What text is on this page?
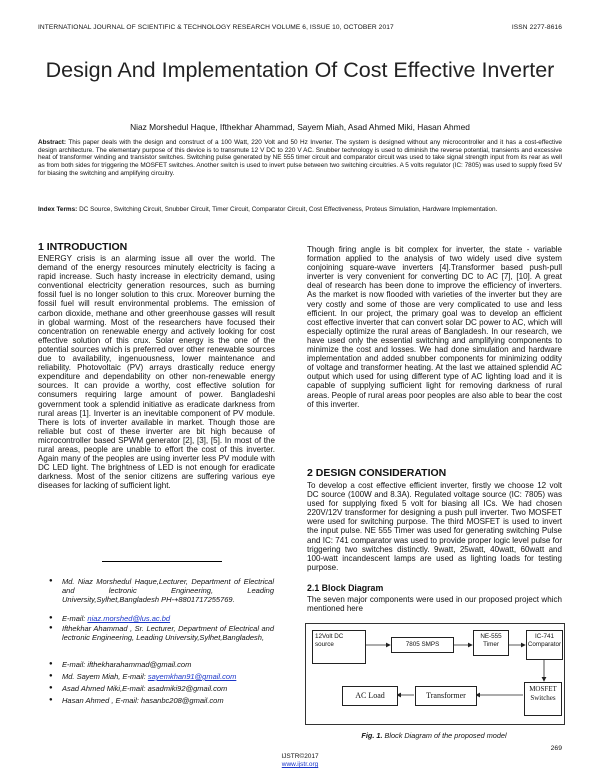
INTERNATIONAL JOURNAL OF SCIENTIFIC & TECHNOLOGY RESEARCH VOLUME 6, ISSUE 10, OCTOBER 2017	ISSN 2277-8616
Design And Implementation Of Cost Effective Inverter
Niaz Morshedul Haque, Ifthekhar Ahammad, Sayem Miah, Asad Ahmed Miki, Hasan Ahmed
Abstract: This paper deals with the design and construct of a 100 Watt, 220 Volt and 50 Hz Inverter. The system is designed without any microcontroller and it has a cost-effective design architecture. The elementary purpose of this device is to transmute 12 V DC to 220 V AC. Snubber technology is used to diminish the reverse potential, transients and excessive heat of transformer winding and transistor switches. Switching pulse generated by NE 555 timer circuit and comparator circuit was used to take signal strength input from its rear as well as from both sides for triggering the MOSFET switches. Another switch is used to invert pulse between two switching circuitries. A 5 volts regulator (IC: 7805) was used to supply fixed 5V for biasing the switching and amplifying circuitry.
Index Terms: DC Source, Switching Circuit, Snubber Circuit, Timer Circuit, Comparator Circuit, Cost Effectiveness, Proteus Simulation, Hardware Implementation.
1 INTRODUCTION
ENERGY crisis is an alarming issue all over the world. The demand of the energy resources minutely electricity is facing a rapid increase. Such hasty increase in electricity demand, using conventional electricity generation resources, such as burning fossil fuel is no longer solution to this crux. Moreover burning the fossil fuel will result environmental problems. The emission of carbon dioxide, methane and other greenhouse gasses will result in global warming. Most of the researchers have focused their concentration on renewable energy and actively looking for cost effective solution of this crux. Solar energy is the one of the potential sources which is preferred over other renewable sources due to availability, ingenuousness, lower maintenance and reliability. Photovoltaic (PV) arrays drastically reduce energy expenditure and dependability on other non-renewable energy sources. It can provide a worthy, cost effective solution for consumers requiring large amount of power. Bangladeshi government took a splendid initiative as eradicate darkness from rural areas [1]. Inverter is an inevitable component of PV module. There is lots of inverter available in market. Though those are reliable but cost of these inverter are bit high because of microcontroller based SPWM generator [2], [3], [5]. In most of the rural areas, people are unable to effort the cost of this inverter. Again many of the peoples are using inverter less PV module with DC LED light. The brightness of LED is not enough for eradicate darkness. Most of the senior citizens are suffering various eye diseases for lacking of sufficient light.
● Md. Niaz Morshedul Haque,Lecturer, Department of Electrical and lectronic Engineering, Leading University,Sylhet,Bangladesh PH-+8801717255769.
● E-mail: niaz.morshed@lus.ac.bd
● Ifthekhar Ahammad , Sr. Lecturer, Department of Electrical and lectronic Engineering, Leading University,Sylhet,Bangladesh,
● E-mail: ifthekharahammad@gmail.com
● Md. Sayem Miah, E-mail: sayemkhan91@gmail.com
● Asad Ahmed Miki,E-mail: asadmiki92@gmail.com
● Hasan Ahmed , E-mail: hasanbc208@gmail.com
Though firing angle is bit complex for inverter, the state - variable formation applied to the analysis of two widely used dive system conjoining square-wave inverters [4].Transformer based push-pull inverter is very convenient for converting DC to AC [7], [10]. A great deal of research has been done to improve the efficiency of inverters. As the market is now flooded with varieties of the inverter but they are very costly and some of those are very complicated to use and less efficient. In our project, the primary goal was to develop an efficient cost effective inverter that can convert solar DC power to AC, which will especially optimize the rural areas of Bangladesh. In our research, we have used only the essential switching and amplifying components to minimize the cost and losses. We had done simulation and hardware implementation and added snubber components for minimizing oddity of voltage and transformer heating. At the last we attained splendid AC output which used for using different type of AC lighting load and it is capable of supplying sufficient light for removing darkness of rural areas. People of rural areas poor peoples are also able to bear the cost of this inverter.
2 DESIGN CONSIDERATION
To develop a cost effective efficient inverter, firstly we choose 12 volt DC source (100W and 8.3A). Regulated voltage source (IC: 7805) was used for supplying fixed 5 volt for biasing all ICs. We had chosen 220V/12V transformer for designing a push pull inverter. Two MOSFET were used for switching purpose. The third MOSFET is used to invert the input pulse. NE 555 Timer was used for generating switching Pulse and IC: 741 comparator was used to provide proper logic level pulse for triggering two switches distinctly. 9watt, 25watt, 40watt, 60watt and 100-watt incandescent lamps are used as lighting loads for testing purpose.
2.1 Block Diagram
The seven major components were used in our proposed project which mentioned here
12Volt DC source	7805 SMPS
NE-555 Timer
IC-741 Comparator
AC Load	Transformer
MOSFET Switches
Fig. 1. Block Diagram of the proposed model
269
IJSTR©2017
www.ijstr.org
